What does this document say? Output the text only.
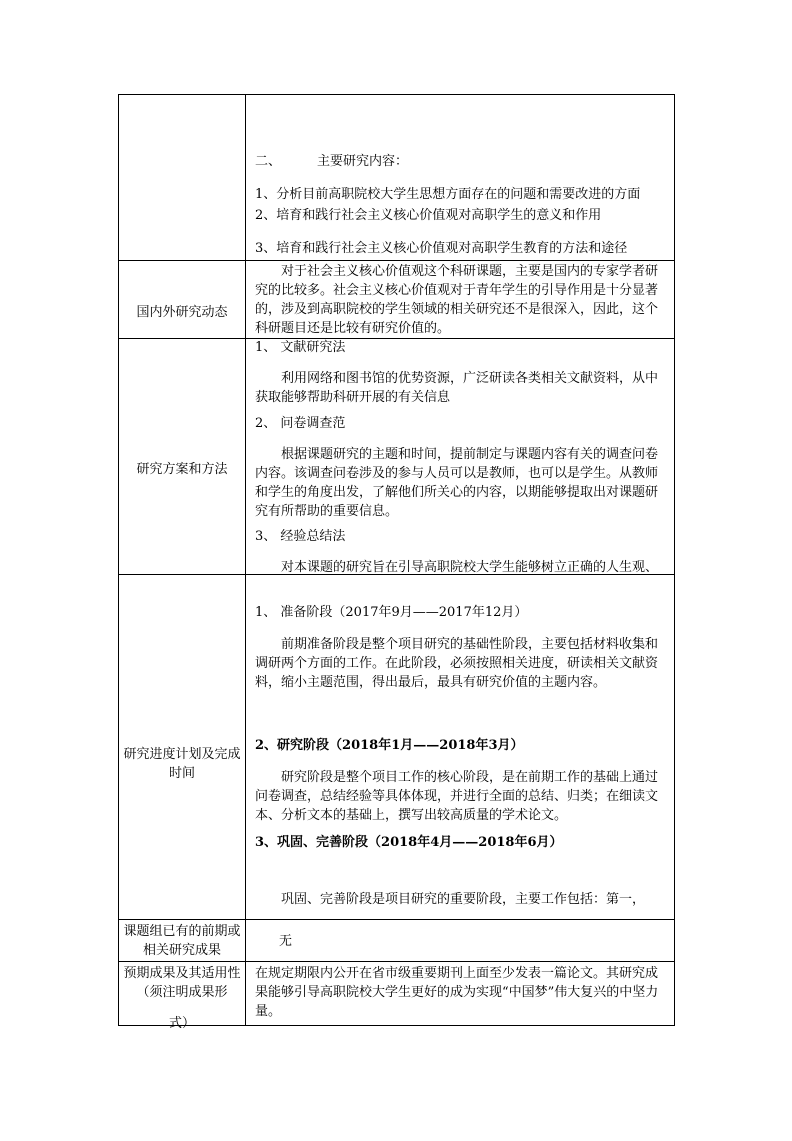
二、	主要研究内容：
1、分析目前高职院校大学生思想方面存在的问题和需要改进的方面
2、培育和践行社会主义核心价值观对高职学生的意义和作用
3、培育和践行社会主义核心价值观对高职学生教育的方法和途径
国内外研究动态
对于社会主义核心价值观这个科研课题，主要是国内的专家学者研究的比较多。社会主义核心价值观对于青年学生的引导作用是十分显著的，涉及到高职院校的学生领域的相关研究还不是很深入，因此，这个科研题目还是比较有研究价值的。
研究方案和方法
1、 文献研究法
利用网络和图书馆的优势资源，广泛研读各类相关文献资料，从中获取能够帮助科研开展的有关信息
2、 问卷调查范
根据课题研究的主题和时间，提前制定与课题内容有关的调查问卷内容。该调查问卷涉及的参与人员可以是教师，也可以是学生。从教师和学生的角度出发，了解他们所关心的内容，以期能够提取出对课题研究有所帮助的重要信息。
3、 经验总结法
对本课题的研究旨在引导高职院校大学生能够树立正确的人生观、
研究进度计划及完成时间
1、 准备阶段（2017年9月——2017年12月）
前期准备阶段是整个项目研究的基础性阶段，主要包括材料收集和调研两个方面的工作。在此阶段，必须按照相关进度，研读相关文献资料，缩小主题范围，得出最后，最具有研究价值的主题内容。
2、研究阶段（2018年1月——2018年3月）
研究阶段是整个项目工作的核心阶段，是在前期工作的基础上通过问卷调查，总结经验等具体体现，并进行全面的总结、归类；在细读文本、分析文本的基础上，撰写出较高质量的学术论文。
3、巩固、完善阶段（2018年4月——2018年6月）
巩固、完善阶段是项目研究的重要阶段，主要工作包括：第一，
课题组已有的前期或相关研究成果
无
预期成果及其适用性（须注明成果形
式）
在规定期限内公开在省市级重要期刊上面至少发表一篇论文。其研究成果能够引导高职院校大学生更好的成为实现“中国梦”伟大复兴的中坚力量。
